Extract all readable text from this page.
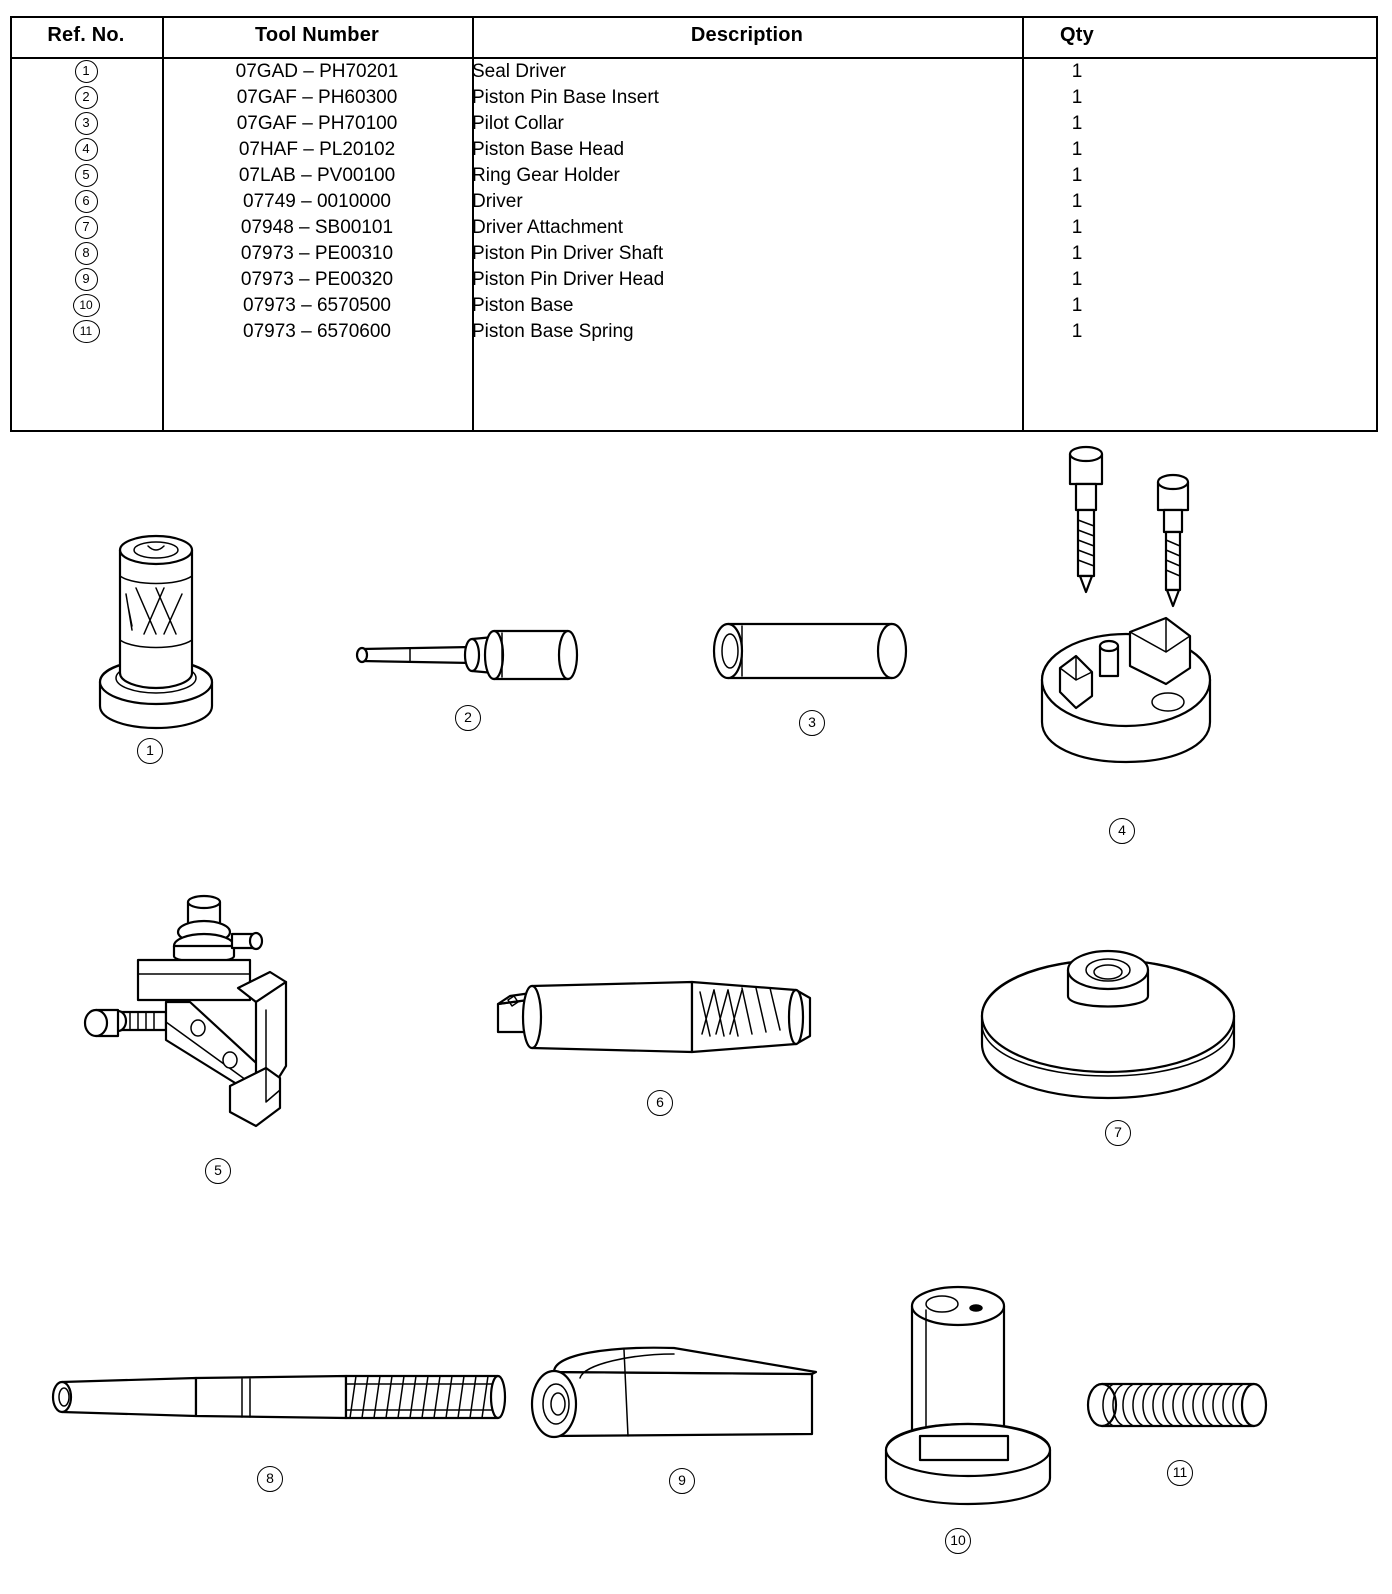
Ref. No.	Tool Number	Description	Qty	
1	07GAD – PH70201	Seal Driver	1	
2	07GAF – PH60300	Piston Pin Base Insert	1	
3	07GAF – PH70100	Pilot Collar	1	
4	07HAF – PL20102	Piston Base Head	1	
5	07LAB – PV00100	Ring Gear Holder	1	
6	07749 – 0010000	Driver	1	
7	07948 – SB00101	Driver Attachment	1	
8	07973 – PE00310	Piston Pin Driver Shaft	1	
9	07973 – PE00320	Piston Pin Driver Head	1	
10	07973 – 6570500	Piston Base	1	
11	07973 – 6570600	Piston Base Spring	1	
1
2	3
4
5
6
7
8	9
10
11
